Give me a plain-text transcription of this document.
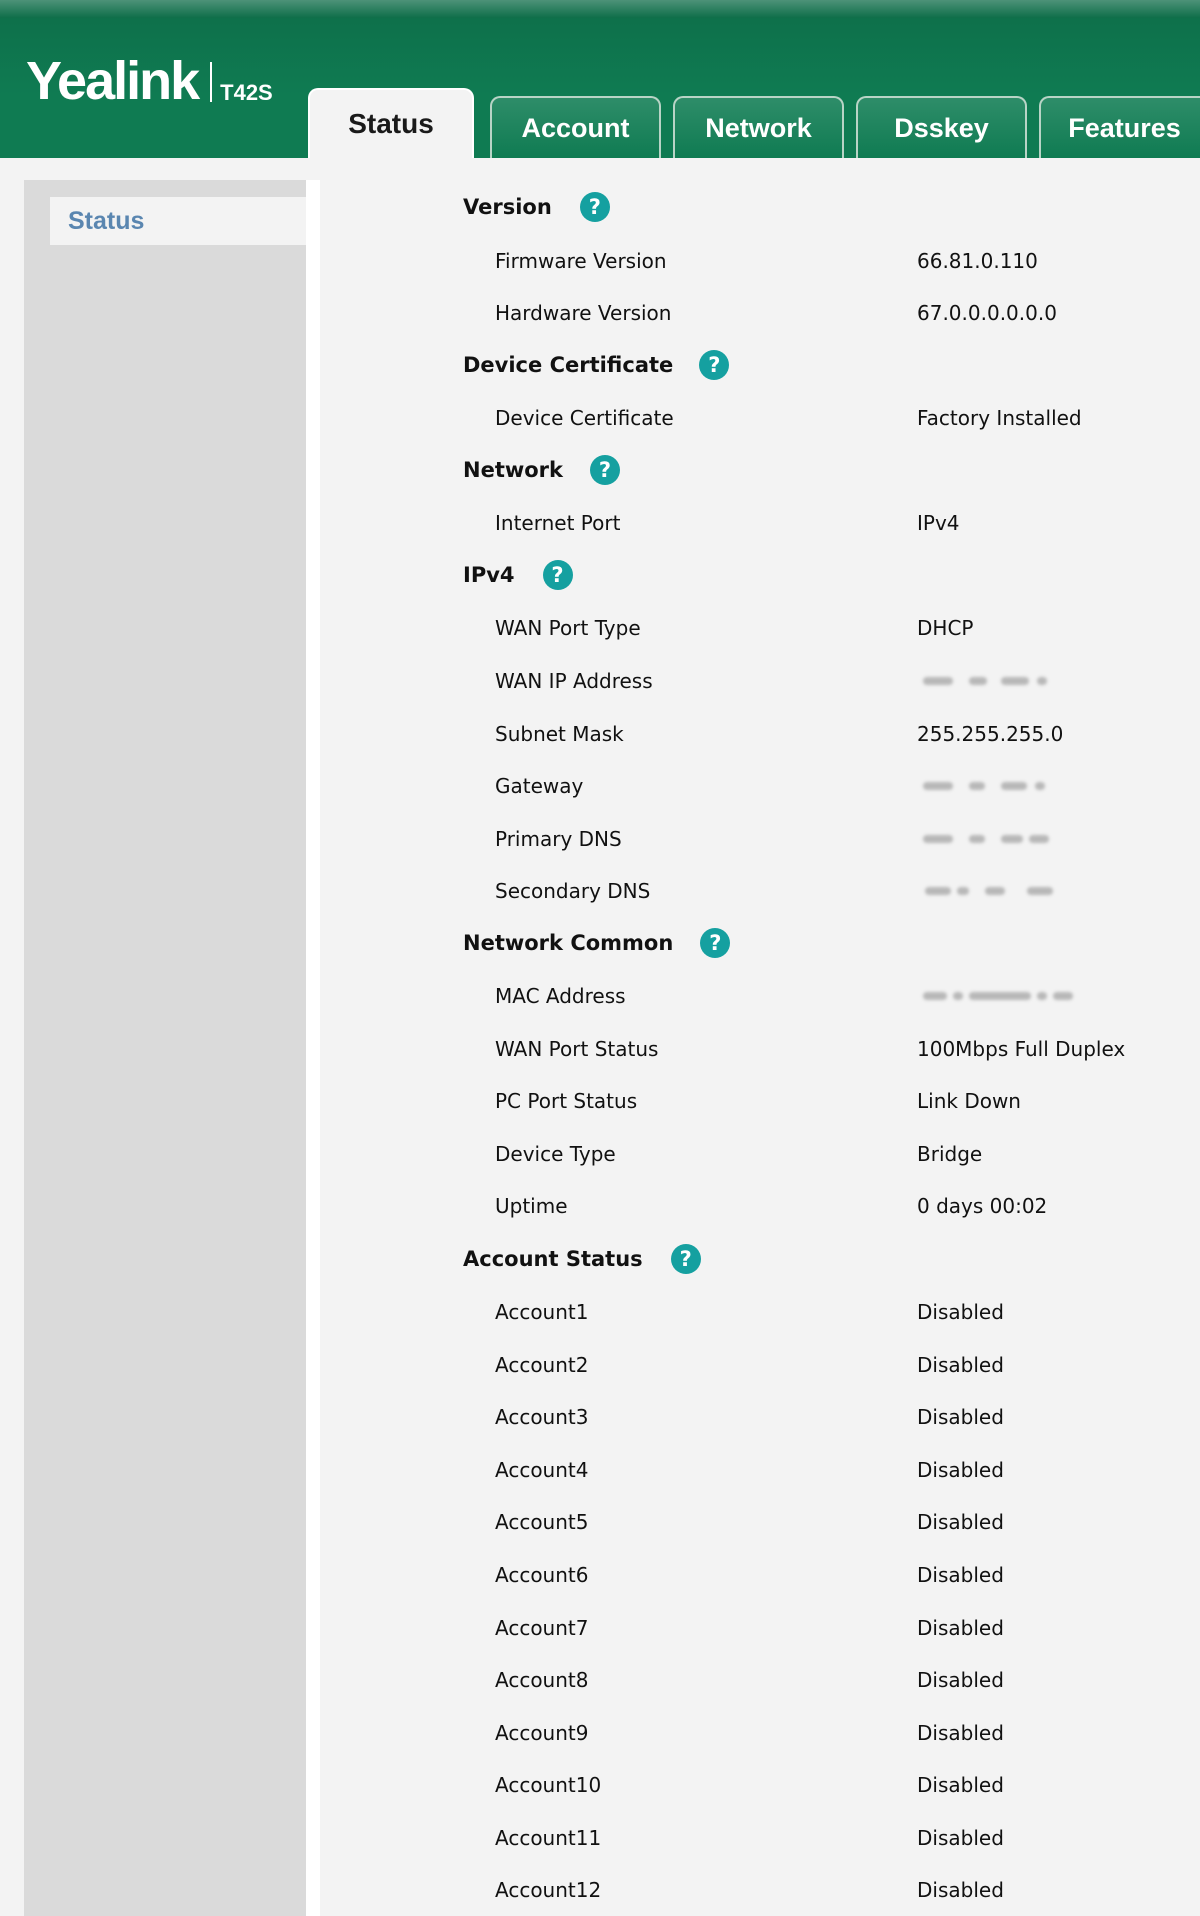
Yealink T42S
Status	Account	Network	Dsskey	Features
Status	Version	?
Firmware Version	66.81.0.110
Hardware Version	67.0.0.0.0.0.0
Device Certificate	?
Device Certificate	Factory Installed
Network	?
Internet Port	IPv4
IPv4	?
WAN Port Type	DHCP
WAN IP Address
Subnet Mask	255.255.255.0
Gateway
Primary DNS
Secondary DNS
Network Common	?
MAC Address
WAN Port Status	100Mbps Full Duplex
PC Port Status	Link Down
Device Type	Bridge
Uptime	0 days 00:02
Account Status	?
Account1	Disabled
Account2	Disabled
Account3	Disabled
Account4	Disabled
Account5	Disabled
Account6	Disabled
Account7	Disabled
Account8	Disabled
Account9	Disabled
Account10	Disabled
Account11	Disabled
Account12	Disabled
